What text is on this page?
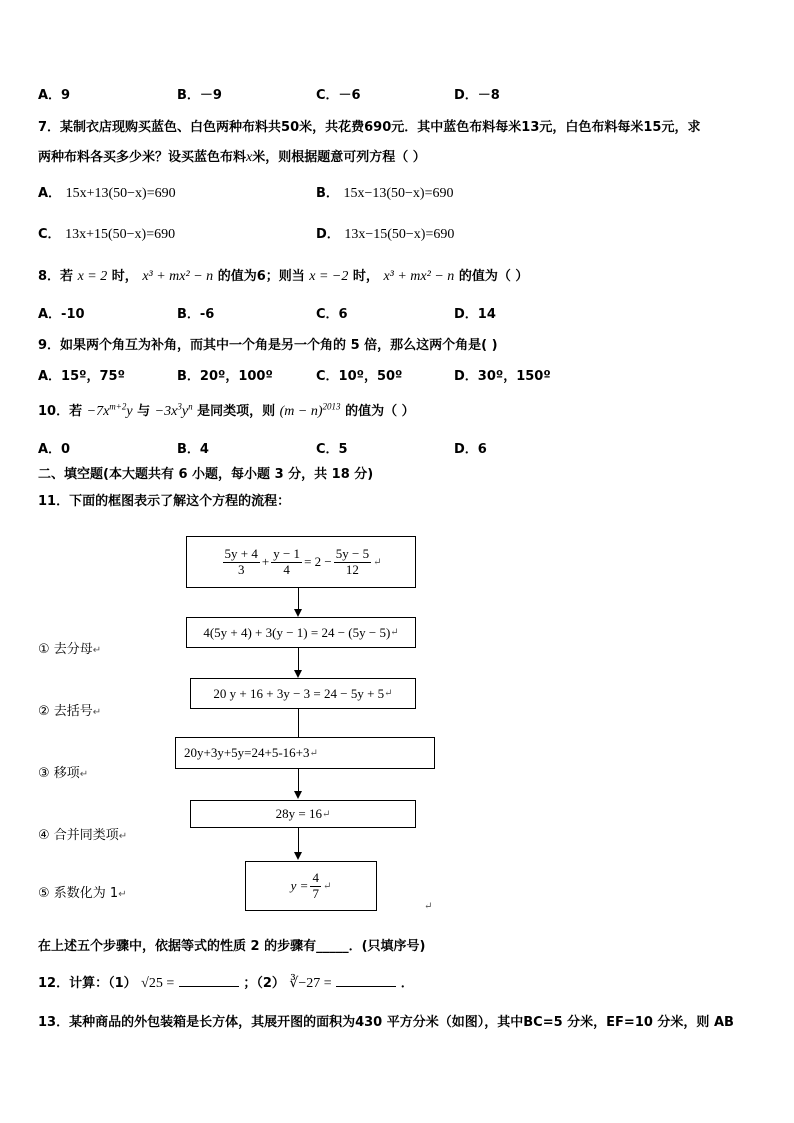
A．9	B．－9	C．－6	D．－8
7．某制衣店现购买蓝色、白色两种布料共50米，共花费690元．其中蓝色布料每米13元，白色布料每米15元，求
两种布料各买多少米？设买蓝色布料x米，则根据题意可列方程（ ）
A． 15x+13(50−x)=690	B． 15x−13(50−x)=690
C． 13x+15(50−x)=690	D． 13x−15(50−x)=690
8．若 x = 2 时， x³ + mx² − n 的值为6；则当 x = −2 时， x³ + mx² − n 的值为（ ）
A．-10	B．-6	C．6	D．14
9．如果两个角互为补角，而其中一个角是另一个角的 5 倍，那么这两个角是( )
A．15º，75º	B．20º，100º	C．10º，50º	D．30º，150º
10．若 $-7x^{m+2}y$ 与 $-3x^3y^n$ 是同类项，则 $(m - n)^{2013}$ 的值为（ ）
A．0	B．4	C．5	D．6
二、填空题(本大题共有 6 小题，每小题 3 分，共 18 分)
11．下面的框图表示了解这个方程的流程：
$\frac{5y + 4}{3} + \frac{y - 1}{4} = 2 - \frac{5y - 5}{12}$ ↵
4(5y + 4) + 3(y − 1) = 24 − (5y − 5) ↵
20 y + 16 + 3y − 3 = 24 − 5y + 5 ↵
20y+3y+5y=24+5-16+3 ↵
28y = 16 ↵
$y = \frac{4}{7}$ ↵
↵
① 去分母↵
② 去括号↵
③ 移项↵
④ 合并同类项↵
⑤ 系数化为 1↵
在上述五个步骤中，依据等式的性质 2 的步骤有_____．(只填序号)
12．计算：（1） √25 =	；（2） ∛−27 =	．
13．某种商品的外包装箱是长方体，其展开图的面积为430 平方分米（如图），其中BC=5 分米，EF=10 分米，则 AB
